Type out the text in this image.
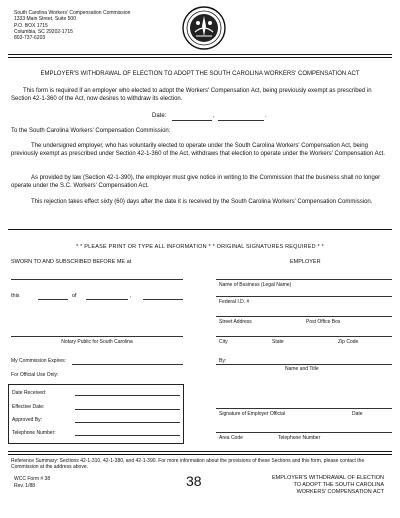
South Carolina Workers' Compensation Commission
1333 Main Street, Suite 500
P.O. BOX 1715
Columbia, SC 29202-1715
803-737-6203
EMPLOYER'S WITHDRAWAL OF ELECTION TO ADOPT THE SOUTH CAROLINA WORKERS' COMPENSATION ACT

This form is required if an employer who elected to adopt the Workers' Compensation Act, being previously exempt as prescribed in Section 42-1-360 of the Act, now desires to withdraw its election.

Date:	,	.
To the South Carolina Workers' Compensation Commission:

The undersigned employer, who has voluntarily elected to operate under the South Carolina Workers' Compensation Act, being previously exempt as prescribed under Section 42-1-360 of the Act, withdraws that election to operate under the Workers' Compensation Act.

As provided by law (Section 42-1-390), the employer must give notice in writing to the Commission that the business shall no longer operate under the S.C. Workers' Compensation Act.

This rejection takes effect sixty (60) days after the date it is received by the South Carolina Workers' Compensation Commission.

* * PLEASE PRINT OR TYPE ALL INFORMATION * * ORIGINAL SIGNATURES REQUIRED * *
SWORN TO AND SUBSCRIBED BEFORE ME at
this	of	,
Notary Public for South Carolina
My Commission Expires:
For Official Use Only:
Date Received:
Effective Date:
Approved By:
Telephone Number:
EMPLOYER
Name of Business (Legal Name)
Federal I.D. #
Street Address	Post Office Box
City	State	Zip Code
By:
Name and Title
Signature of Employer Official	Date
Area Code	Telephone Number
Reference Summary: Sections 42-1-310, 42-1-380, and 42-1-390. For more information about the provisions of these Sections and this form, please contact the Commission at the address above.
WCC Form # 38
Rev. 1/88	38	EMPLOYER'S WITHDRAWAL OF ELECTION
TO ADOPT THE SOUTH CAROLINA
WORKERS' COMPENSATION ACT
